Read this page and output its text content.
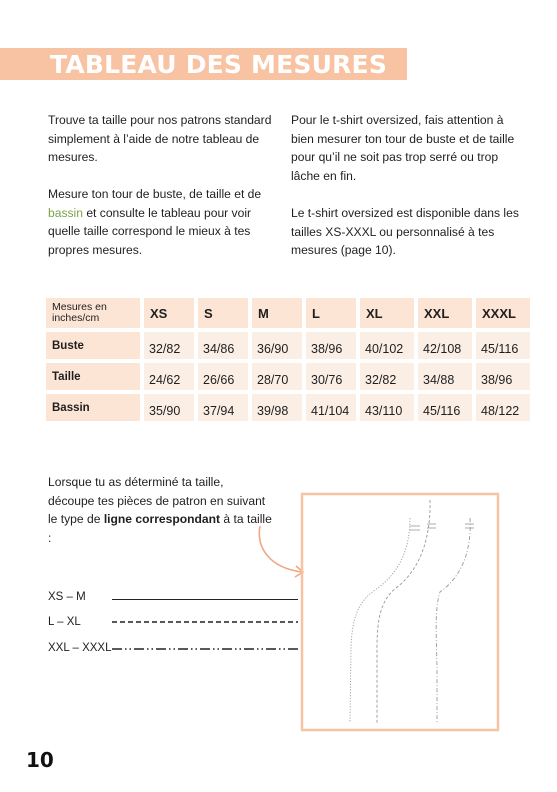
TABLEAU DES MESURES

Trouve ta taille pour nos patrons standard simplement à l’aide de notre tableau de mesures.

Mesure ton tour de buste, de taille et de bassin et consulte le tableau pour voir quelle taille correspond le mieux à tes propres mesures.

Pour le t-shirt oversized, fais attention à bien mesurer ton tour de buste et de taille pour qu’il ne soit pas trop serré ou trop lâche en fin.

Le t-shirt oversized est disponible dans les tailles XS-XXXL ou personnalisé à tes mesures (page 10).

Mesures en
inches/cm	XS	S	M	L	XL	XXL	XXXL
Buste	32/82	34/86	36/90	38/96	40/102	42/108	45/116
Taille	24/62	26/66	28/70	30/76	32/82	34/88	38/96
Bassin	35/90	37/94	39/98	41/104	43/110	45/116	48/122

Lorsque tu as déterminé ta taille, découpe tes pièces de patron en suivant le type de ligne correspondant à ta taille :

XS – M
L – XL
XXL – XXXL
10
